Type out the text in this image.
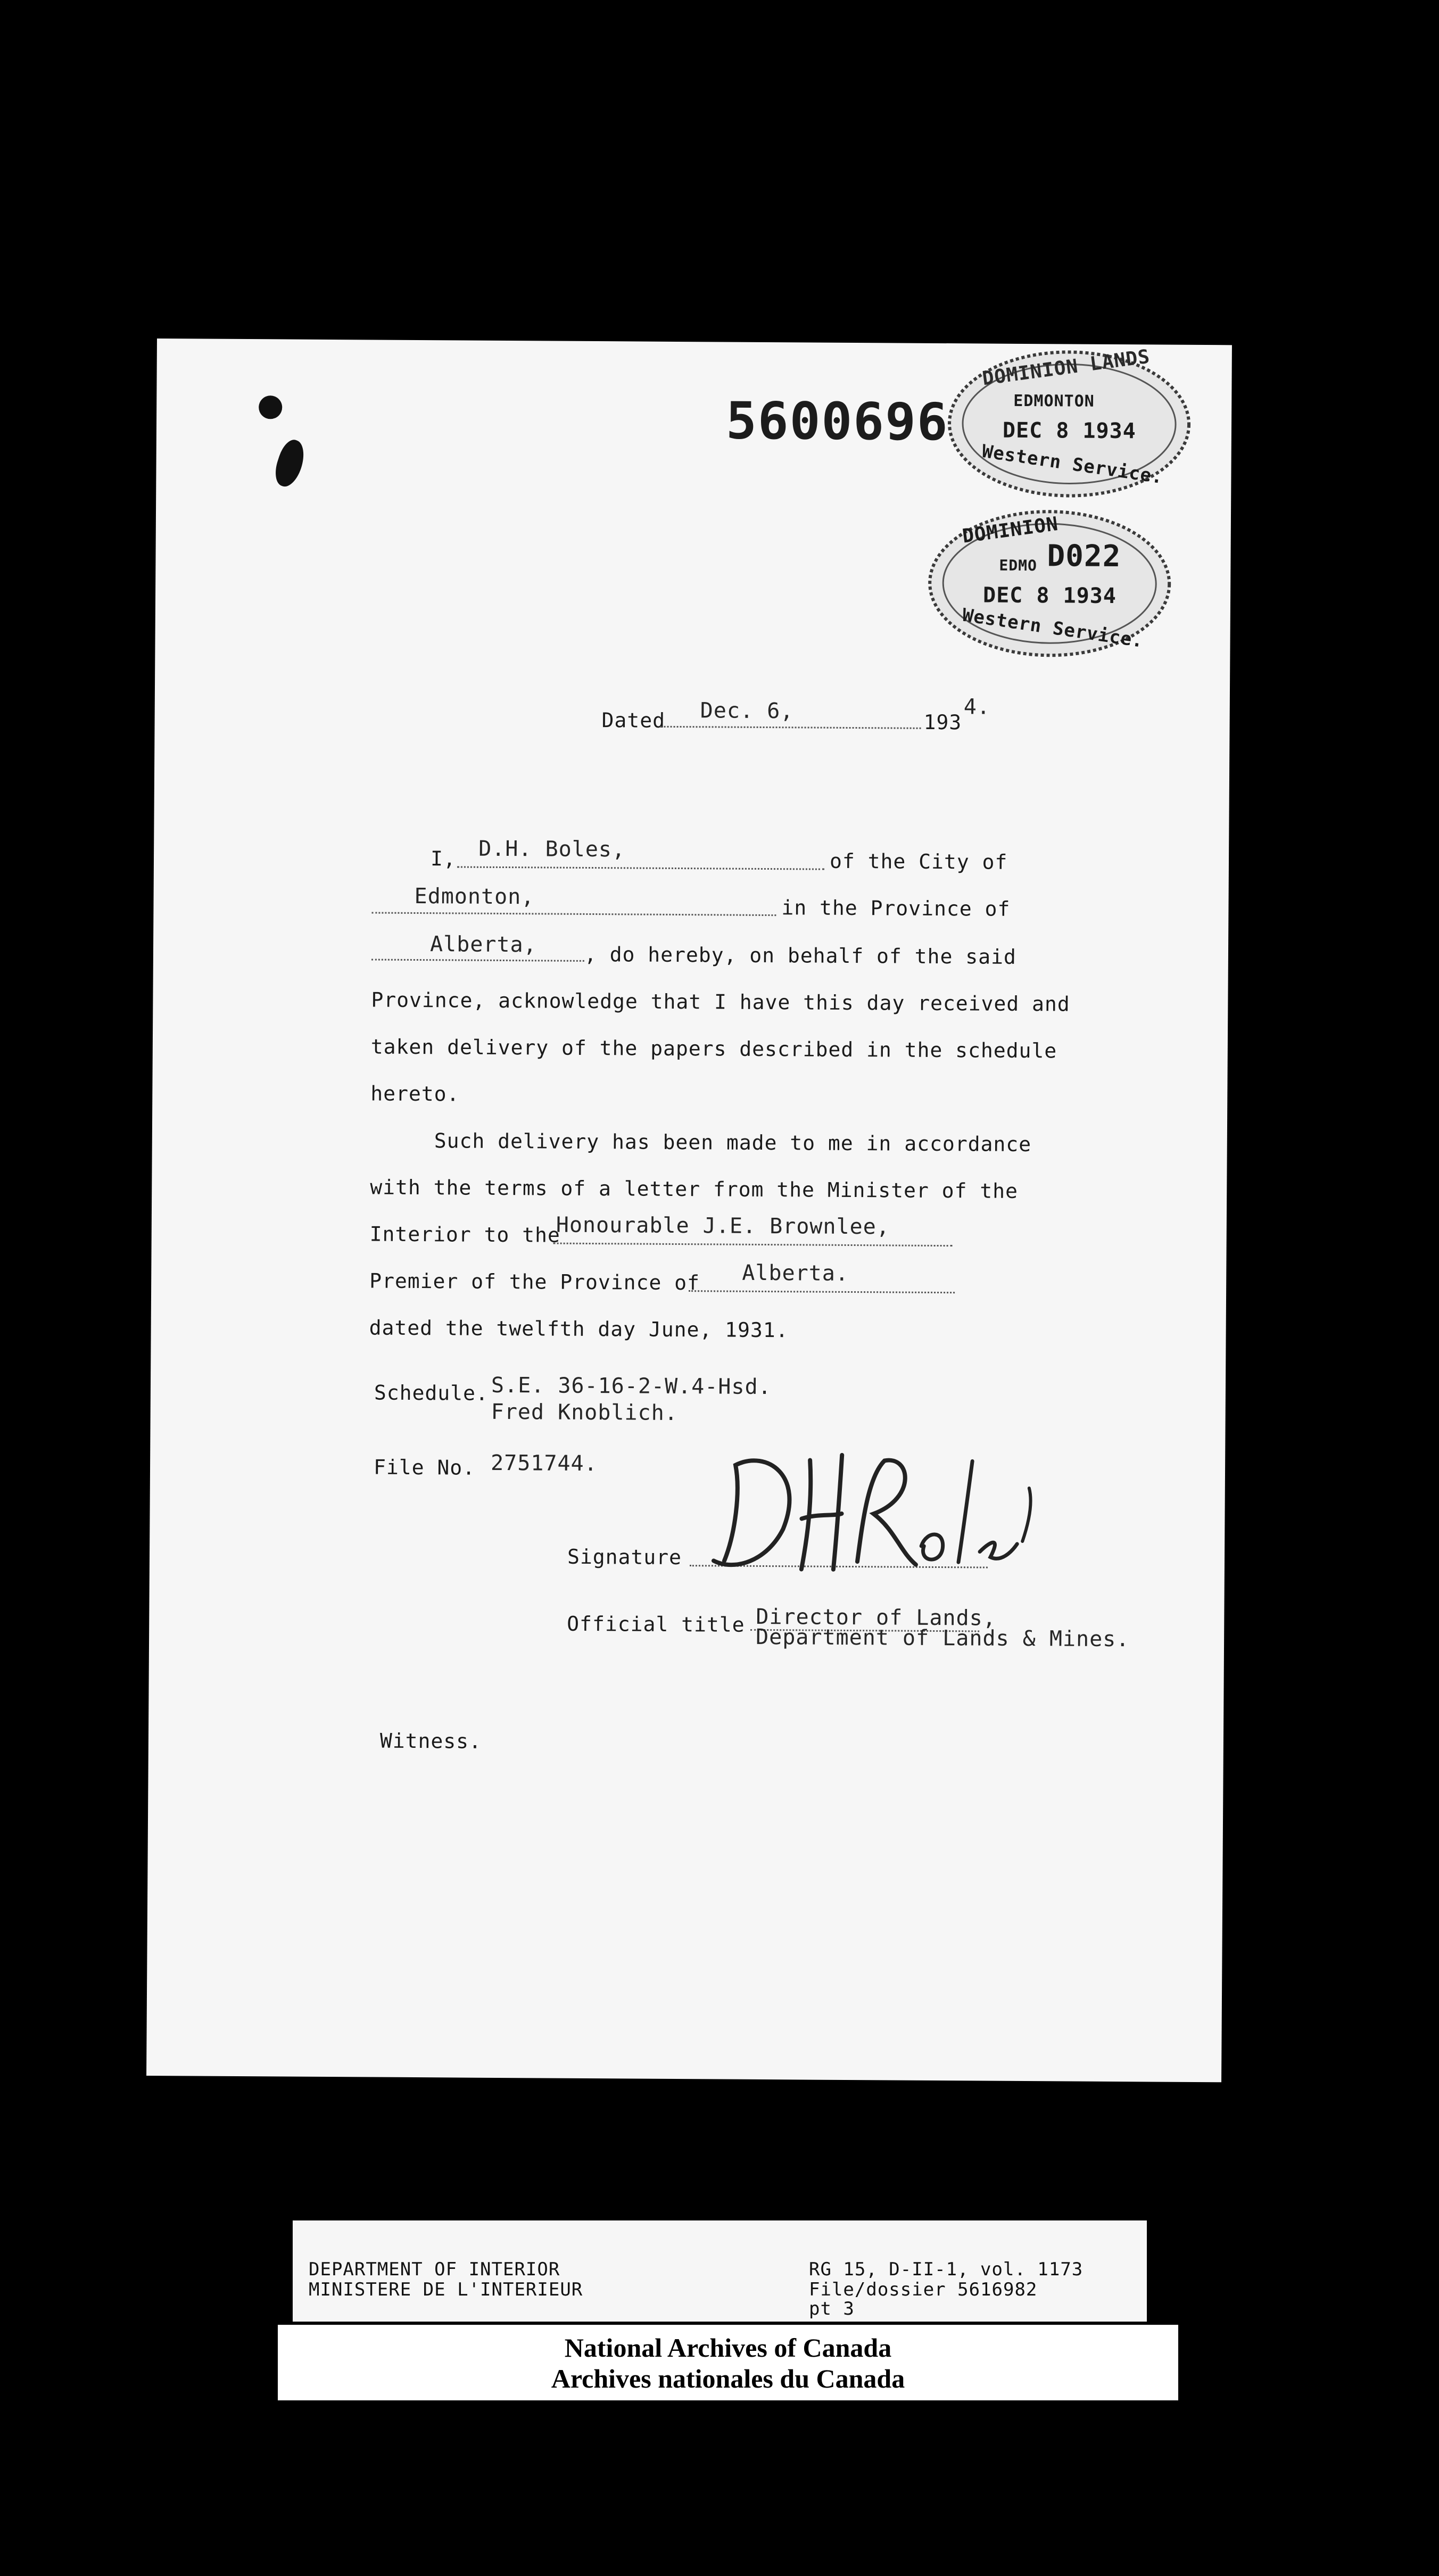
5600696
DOMINION LANDS
EDMONTON
DEC 8 1934
Western Service.
DOMINION
EDMO D022
DEC 8 1934
Western Service.
Dated Dec. 6,	193
4.
I, D.H. Boles,	of the City of
Edmonton,	in the Province of
Alberta, , do hereby, on behalf of the said
Province, acknowledge that I have this day received and
taken delivery of the papers described in the schedule
hereto.
Such delivery has been made to me in accordance
with the terms of a letter from the Minister of the
Interior to the
Honourable J.E. Brownlee,
Premier of the Province of Alberta.
dated the twelfth day June, 1931.
Schedule. S.E. 36-16-2-W.4-Hsd.
Fred Knoblich.
File No. 2751744.
Signature
Official title Director of Lands,
Department of Lands & Mines.
Witness.
DEPARTMENT OF INTERIOR
MINISTERE DE L'INTERIEUR
RG 15, D-II-1, vol. 1173
File/dossier 5616982
pt 3
National Archives of Canada
Archives nationales du Canada
